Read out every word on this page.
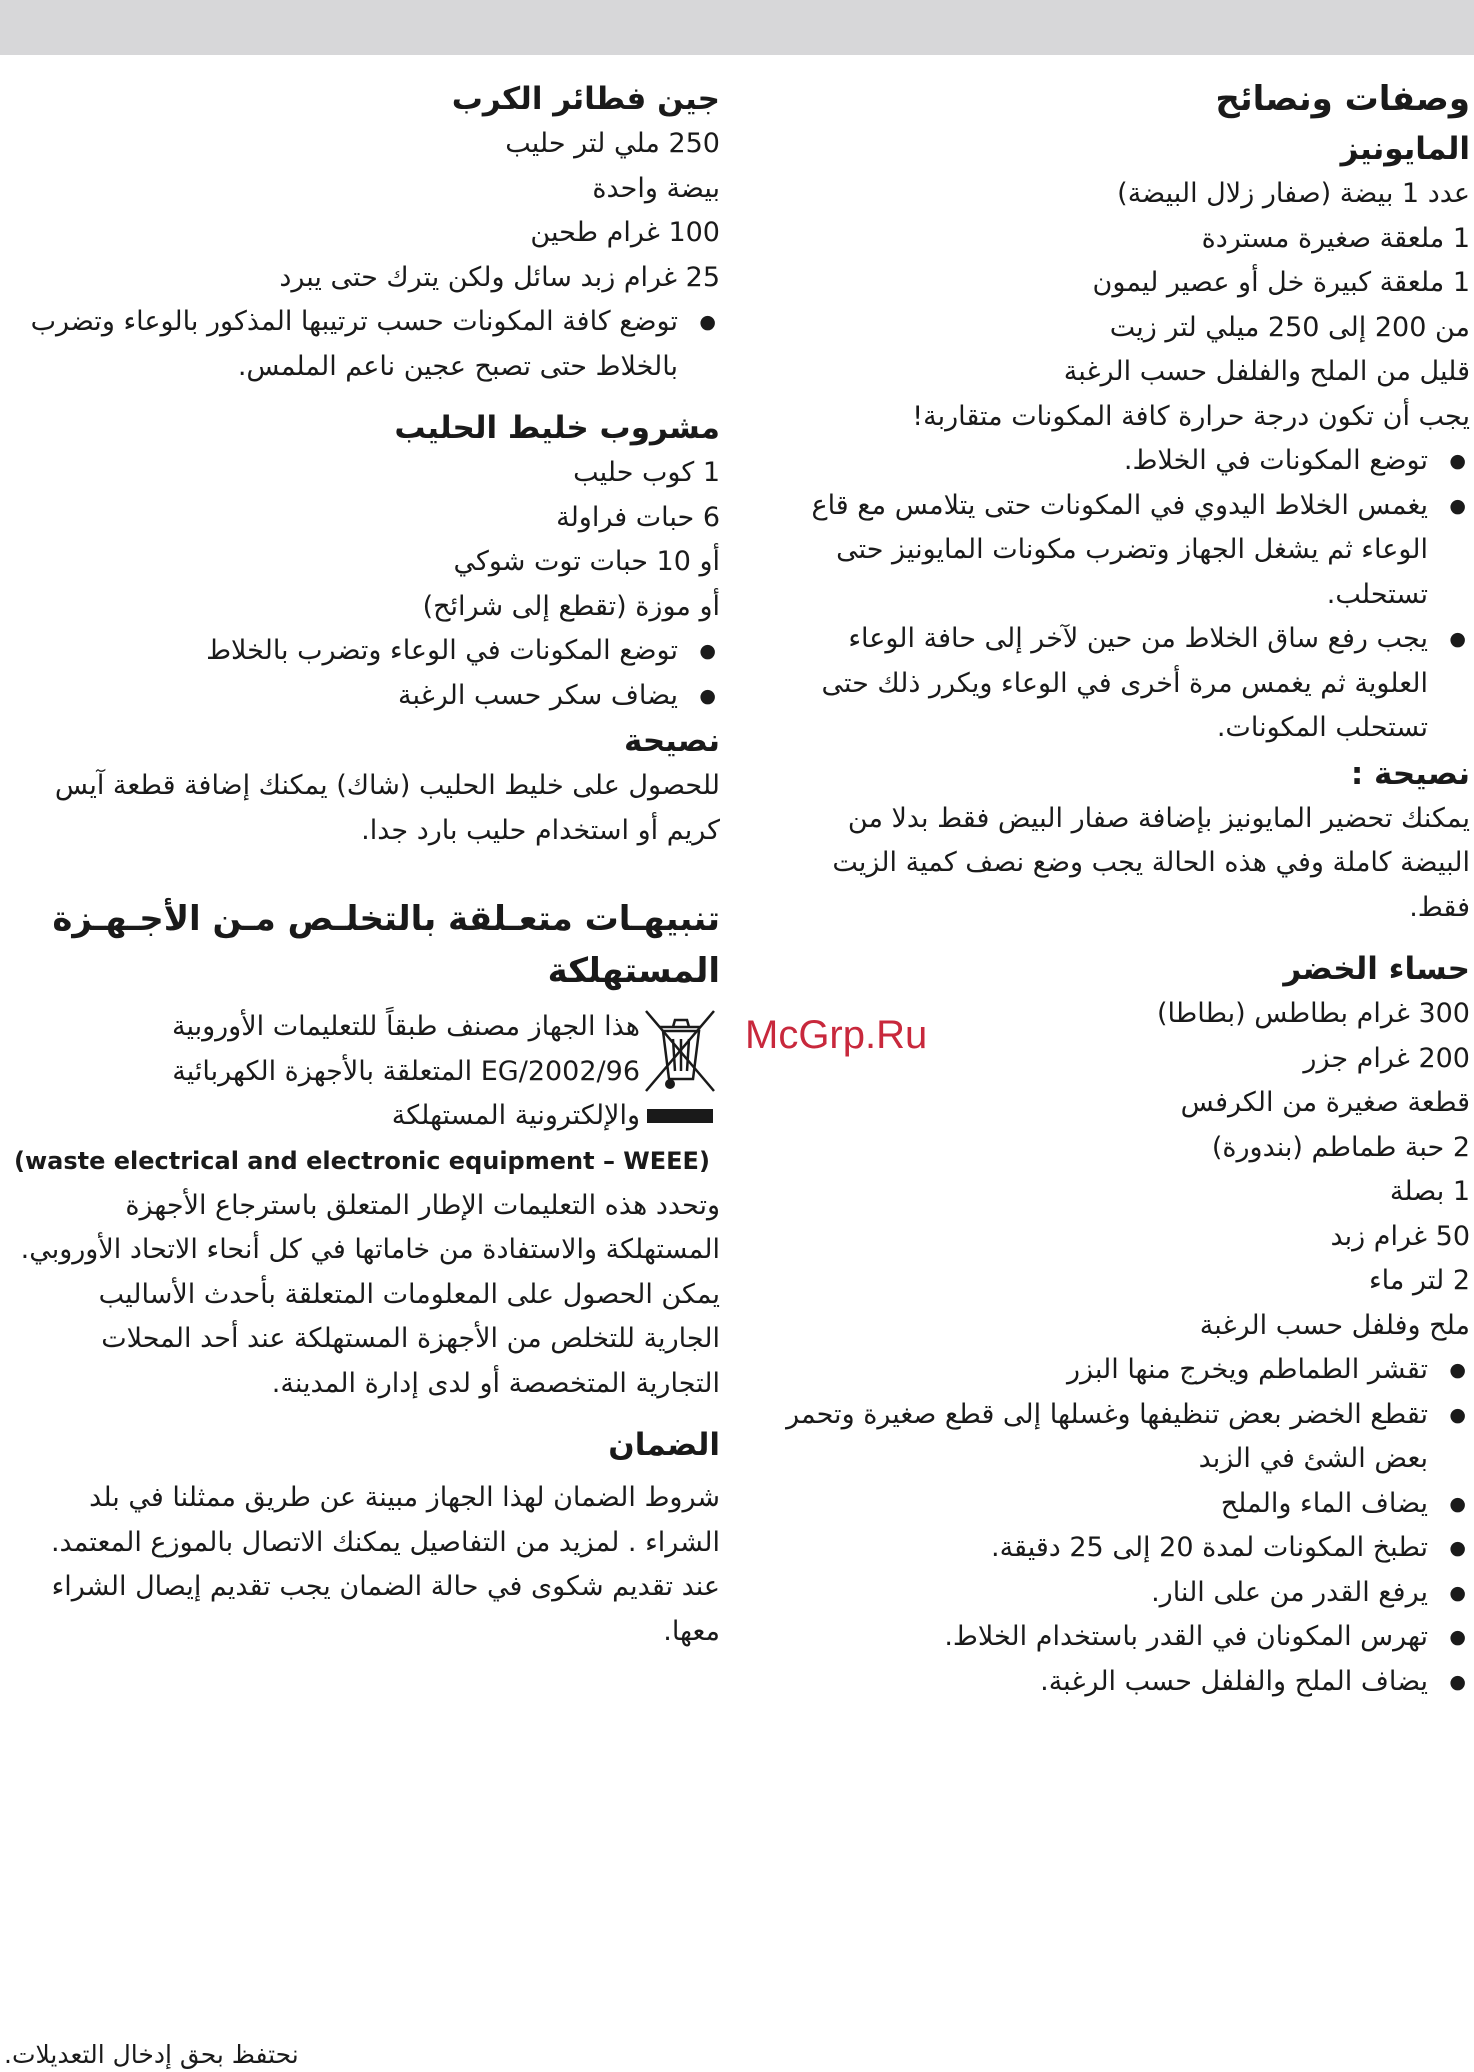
وصفات ونصائح
المايونيز
عدد 1 بيضة (صفار زلال البيضة)
1 ملعقة صغيرة مستردة
1 ملعقة كبيرة خل أو عصير ليمون
من 200 إلى 250 ميلي لتر زيت
قليل من الملح والفلفل حسب الرغبة
يجب أن تكون درجة حرارة كافة المكونات متقاربة!
● توضع المكونات في الخلاط.
● يغمس الخلاط اليدوي في المكونات حتى يتلامس مع قاع الوعاء ثم يشغل الجهاز وتضرب مكونات المايونيز حتى تستحلب.
● يجب رفع ساق الخلاط من حين لآخر إلى حافة الوعاء العلوية ثم يغمس مرة أخرى في الوعاء ويكرر ذلك حتى تستحلب المكونات.
نصيحة :

يمكنك تحضير المايونيز بإضافة صفار البيض فقط بدلا من البيضة كاملة وفي هذه الحالة يجب وضع نصف كمية الزيت فقط.

حساء الخضر
300 غرام بطاطس (بطاطا)
200 غرام جزر
قطعة صغيرة من الكرفس
2 حبة طماطم (بندورة)
1 بصلة
50 غرام زبد
2 لتر ماء
ملح وفلفل حسب الرغبة
● تقشر الطماطم ويخرج منها البزر
● تقطع الخضر بعض تنظيفها وغسلها إلى قطع صغيرة وتحمر بعض الشئ في الزبد
● يضاف الماء والملح
● تطبخ المكونات لمدة 20 إلى 25 دقيقة.
● يرفع القدر من على النار.
● تهرس المكونان في القدر باستخدام الخلاط.
● يضاف الملح والفلفل حسب الرغبة.
جين فطائر الكرب
250 ملي لتر حليب
بيضة واحدة
100 غرام طحين
25 غرام زبد سائل ولكن يترك حتى يبرد
● توضع كافة المكونات حسب ترتيبها المذكور بالوعاء وتضرب بالخلاط حتى تصبح عجين ناعم الملمس.
مشروب خليط الحليب
1 كوب حليب
6 حبات فراولة
أو 10 حبات توت شوكي
أو موزة (تقطع إلى شرائح)
● توضع المكونات في الوعاء وتضرب بالخلاط
● يضاف سكر حسب الرغبة
نصيحة

للحصول على خليط الحليب (شاك) يمكنك إضافة قطعة آيس كريم أو استخدام حليب بارد جدا.

تنبيهـات متعـلقة بالتخلـص مـن الأجـهـزة المستهلكة
هذا الجهاز مصنف طبقاً للتعليمات الأوروبية
2002/96/EG المتعلقة بالأجهزة الكهربائية
والإلكترونية المستهلكة
(waste electrical and electronic equipment – WEEE)

وتحدد هذه التعليمات الإطار المتعلق باسترجاع الأجهزة المستهلكة والاستفادة من خاماتها في كل أنحاء الاتحاد الأوروبي. يمكن الحصول على المعلومات المتعلقة بأحدث الأساليب الجارية للتخلص من الأجهزة المستهلكة عند أحد المحلات التجارية المتخصصة أو لدى إدارة المدينة.

الضمان

شروط الضمان لهذا الجهاز مبينة عن طريق ممثلنا في بلد الشراء . لمزيد من التفاصيل يمكنك الاتصال بالموزع المعتمد. عند تقديم شكوى في حالة الضمان يجب تقديم إيصال الشراء معها.

McGrp.Ru
نحتفظ بحق إدخال التعديلات.
